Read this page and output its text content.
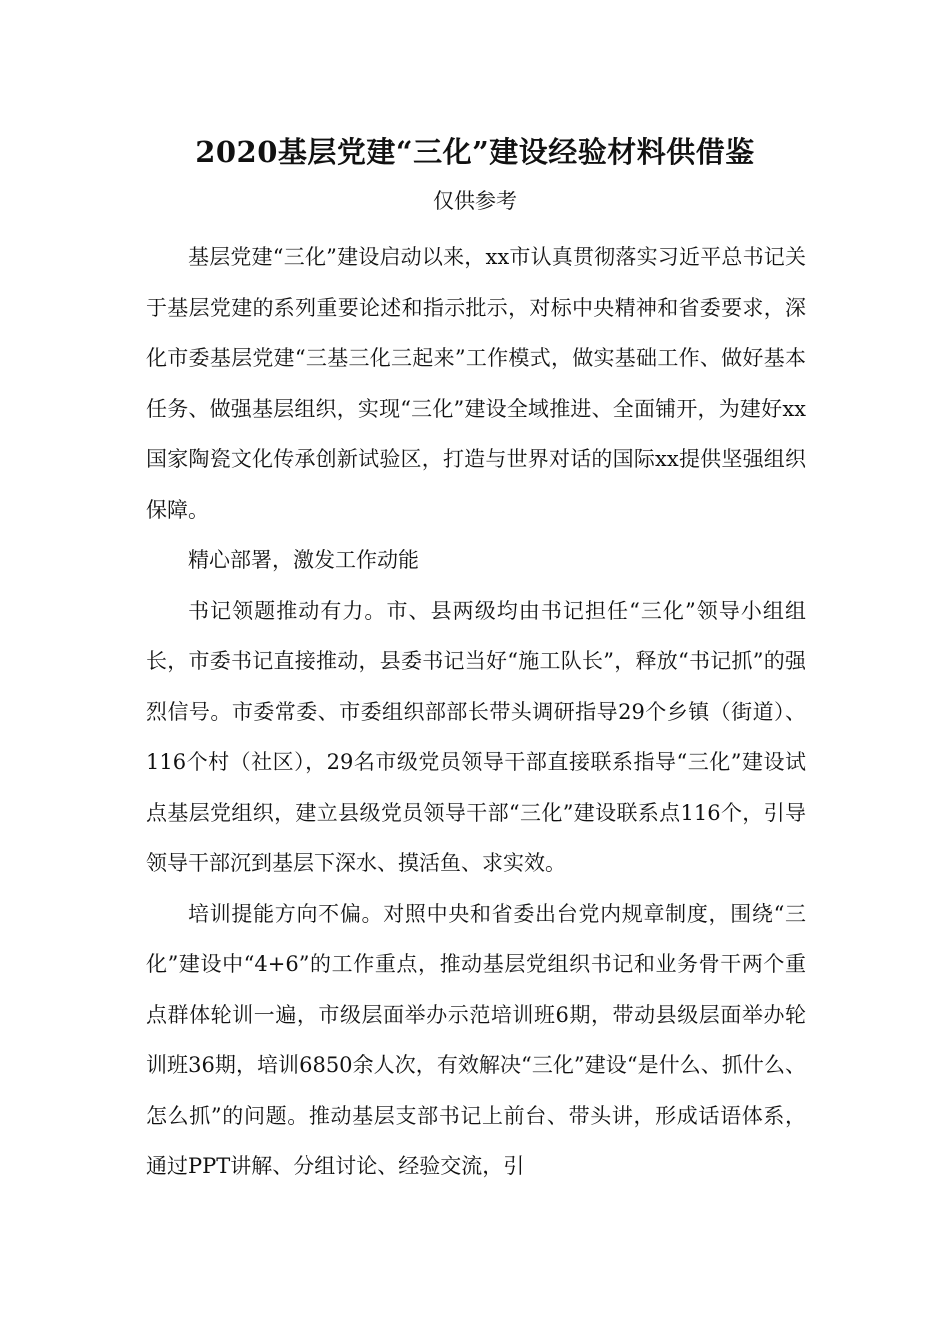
2020基层党建“三化”建设经验材料供借鉴
仅供参考

基层党建“三化”建设启动以来，xx市认真贯彻落实习近平总书记关于基层党建的系列重要论述和指示批示，对标中央精神和省委要求，深化市委基层党建“三基三化三起来”工作模式，做实基础工作、做好基本任务、做强基层组织，实现“三化”建设全域推进、全面铺开，为建好xx国家陶瓷文化传承创新试验区，打造与世界对话的国际xx提供坚强组织保障。

精心部署，激发工作动能

书记领题推动有力。市、县两级均由书记担任“三化”领导小组组长，市委书记直接推动，县委书记当好“施工队长”，释放“书记抓”的强烈信号。市委常委、市委组织部部长带头调研指导29个乡镇（街道）、116个村（社区），29名市级党员领导干部直接联系指导“三化”建设试点基层党组织，建立县级党员领导干部“三化”建设联系点116个，引导领导干部沉到基层下深水、摸活鱼、求实效。

培训提能方向不偏。对照中央和省委出台党内规章制度，围绕“三化”建设中“4+6”的工作重点，推动基层党组织书记和业务骨干两个重点群体轮训一遍，市级层面举办示范培训班6期，带动县级层面举办轮训班36期，培训6850余人次，有效解决“三化”建设“是什么、抓什么、怎么抓”的问题。推动基层支部书记上前台、带头讲，形成话语体系，通过PPT讲解、分组讨论、经验交流，引
